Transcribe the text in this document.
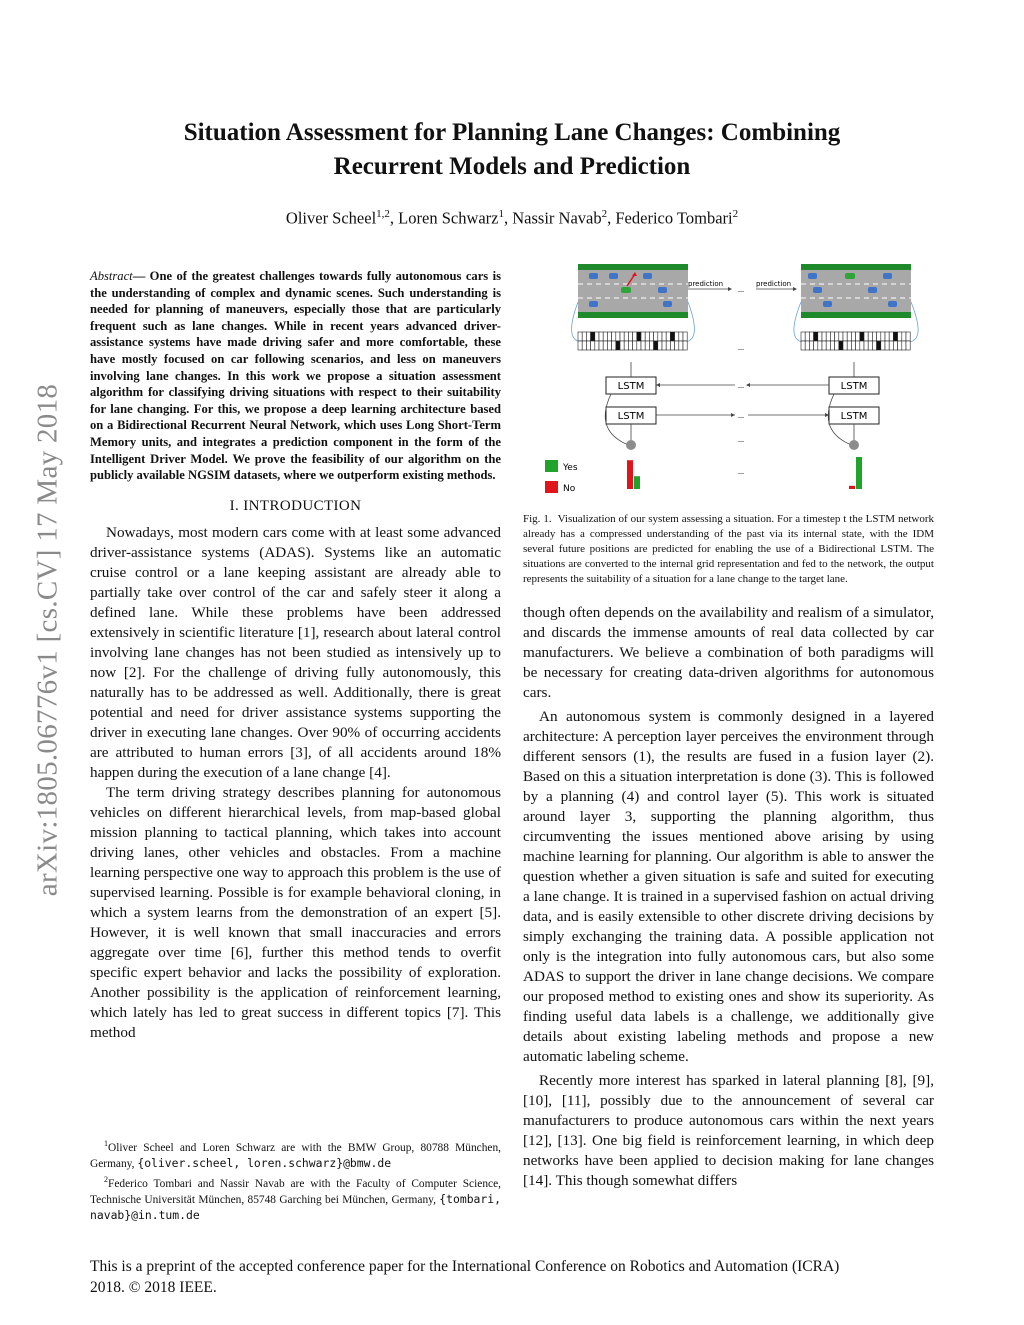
arXiv:1805.06776v1 [cs.CV] 17 May 2018
Situation Assessment for Planning Lane Changes: Combining
Recurrent Models and Prediction
Oliver Scheel$^{1,2}$, Loren Schwarz$^1$, Nassir Navab$^2$, Federico Tombari$^2$
Abstract— One of the greatest challenges towards fully autonomous cars is the understanding of complex and dynamic scenes. Such understanding is needed for planning of maneuvers, especially those that are particularly frequent such as lane changes. While in recent years advanced driver-assistance systems have made driving safer and more comfortable, these have mostly focused on car following scenarios, and less on maneuvers involving lane changes. In this work we propose a situation assessment algorithm for classifying driving situations with respect to their suitability for lane changing. For this, we propose a deep learning architecture based on a Bidirectional Recurrent Neural Network, which uses Long Short-Term Memory units, and integrates a prediction component in the form of the Intelligent Driver Model. We prove the feasibility of our algorithm on the publicly available NGSIM datasets, where we outperform existing methods.
I. INTRODUCTION

Nowadays, most modern cars come with at least some advanced driver-assistance systems (ADAS). Systems like an automatic cruise control or a lane keeping assistant are already able to partially take over control of the car and safely steer it along a defined lane. While these problems have been addressed extensively in scientific literature [1], research about lateral control involving lane changes has not been studied as intensively up to now [2]. For the challenge of driving fully autonomously, this naturally has to be addressed as well. Additionally, there is great potential and need for driver assistance systems supporting the driver in executing lane changes. Over 90% of occurring accidents are attributed to human errors [3], of all accidents around 18% happen during the execution of a lane change [4].

The term driving strategy describes planning for autonomous vehicles on different hierarchical levels, from map-based global mission planning to tactical planning, which takes into account driving lanes, other vehicles and obstacles. From a machine learning perspective one way to approach this problem is the use of supervised learning. Possible is for example behavioral cloning, in which a system learns from the demonstration of an expert [5]. However, it is well known that small inaccuracies and errors aggregate over time [6], further this method tends to overfit specific expert behavior and lacks the possibility of exploration. Another possibility is the application of reinforcement learning, which lately has led to great success in different topics [7]. This method

$^1$Oliver Scheel and Loren Schwarz are with the BMW Group, 80788 München, Germany, {oliver.scheel, loren.schwarz}@bmw.de

$^2$Federico Tombari and Nassir Navab are with the Faculty of Computer Science, Technische Universität München, 85748 Garching bei München, Germany, {tombari, navab}@in.tum.de

prediction
...
prediction
...
LSTM
LSTM
LSTM
LSTM
...
...
...
Yes
No
...
Fig. 1. Visualization of our system assessing a situation. For a timestep t the LSTM network already has a compressed understanding of the past via its internal state, with the IDM several future positions are predicted for enabling the use of a Bidirectional LSTM. The situations are converted to the internal grid representation and fed to the network, the output represents the suitability of a situation for a lane change to the target lane.

though often depends on the availability and realism of a simulator, and discards the immense amounts of real data collected by car manufacturers. We believe a combination of both paradigms will be necessary for creating data-driven algorithms for autonomous cars.

An autonomous system is commonly designed in a layered architecture: A perception layer perceives the environment through different sensors (1), the results are fused in a fusion layer (2). Based on this a situation interpretation is done (3). This is followed by a planning (4) and control layer (5). This work is situated around layer 3, supporting the planning algorithm, thus circumventing the issues mentioned above arising by using machine learning for planning. Our algorithm is able to answer the question whether a given situation is safe and suited for executing a lane change. It is trained in a supervised fashion on actual driving data, and is easily extensible to other discrete driving decisions by simply exchanging the training data. A possible application not only is the integration into fully autonomous cars, but also some ADAS to support the driver in lane change decisions. We compare our proposed method to existing ones and show its superiority. As finding useful data labels is a challenge, we additionally give details about existing labeling methods and propose a new automatic labeling scheme.

Recently more interest has sparked in lateral planning [8], [9], [10], [11], possibly due to the announcement of several car manufacturers to produce autonomous cars within the next years [12], [13]. One big field is reinforcement learning, in which deep networks have been applied to decision making for lane changes [14]. This though somewhat differs

This is a preprint of the accepted conference paper for the International Conference on Robotics and Automation (ICRA)
2018. © 2018 IEEE.
